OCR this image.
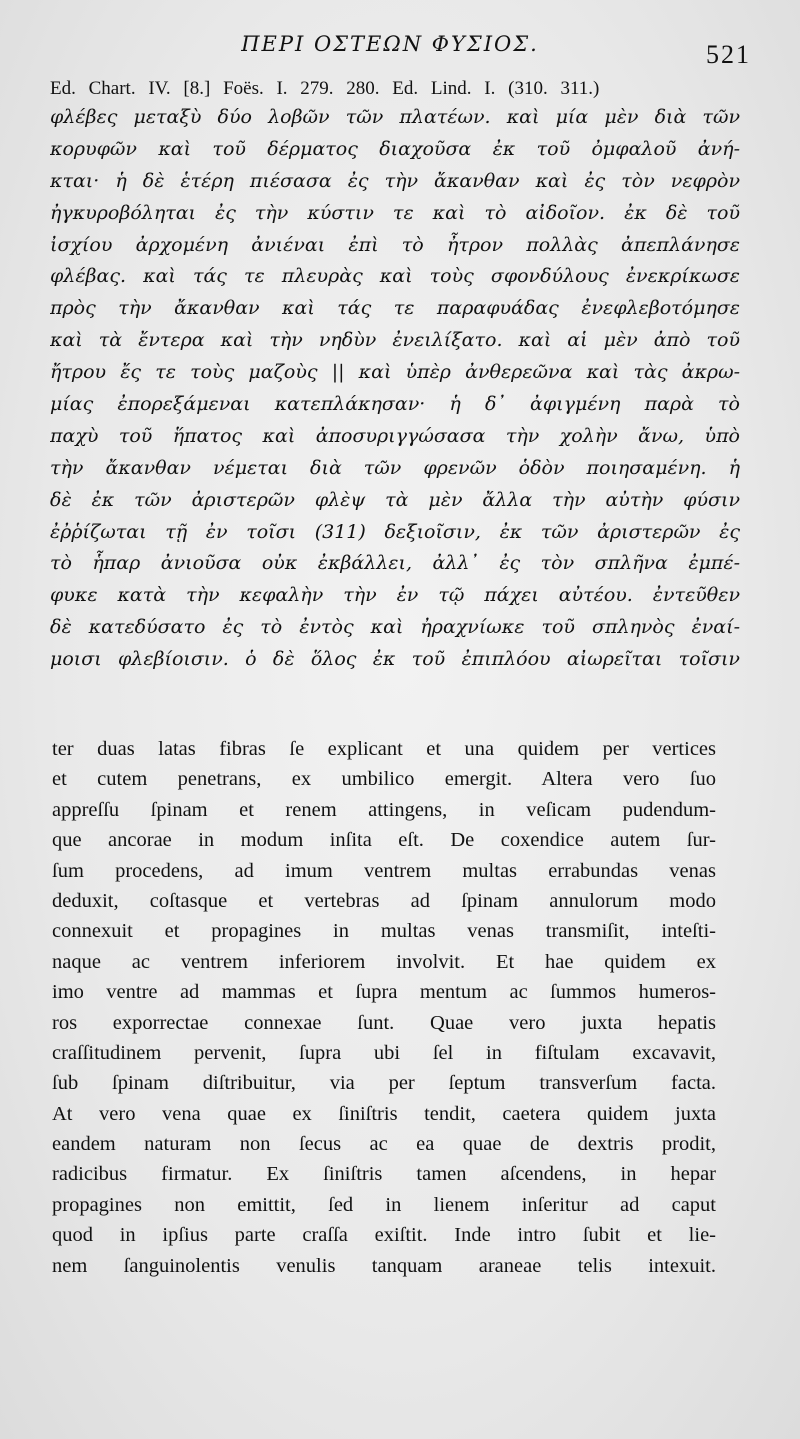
ΠΕΡΙ ΟΣΤΕΩΝ ΦΥΣΙΟΣ.	521
Ed. Chart. IV. [8.] Foës. I. 279. 280. Ed. Lind. I. (310. 311.)
φλέβες μεταξὺ δύο λοβῶν τῶν πλατέων. καὶ μία μὲν διὰ τῶν
κορυφῶν καὶ τοῦ δέρματος διαχοῦσα ἐκ τοῦ ὀμφαλοῦ ἀνή-
κται· ἡ δὲ ἑτέρη πιέσασα ἐς τὴν ἄκανθαν καὶ ἐς τὸν νεφρὸν
ἠγκυροβόληται ἐς τὴν κύστιν τε καὶ τὸ αἰδοῖον. ἐκ δὲ τοῦ
ἰσχίου ἀρχομένη ἀνιέναι ἐπὶ τὸ ἦτρον πολλὰς ἀπεπλάνησε
φλέβας. καὶ τάς τε πλευρὰς καὶ τοὺς σφονδύλους ἐνεκρίκωσε
πρὸς τὴν ἄκανθαν καὶ τάς τε παραφυάδας ἐνεφλεβοτόμησε
καὶ τὰ ἔντερα καὶ τὴν νηδὺν ἐνειλίξατο. καὶ αἱ μὲν ἀπὸ τοῦ
ἤτρου ἔς τε τοὺς μαζοὺς || καὶ ὑπὲρ ἀνθερεῶνα καὶ τὰς ἀκρω-
μίας ἐπορεξάμεναι κατεπλάκησαν· ἡ δ᾽ ἀφιγμένη παρὰ τὸ
παχὺ τοῦ ἥπατος καὶ ἀποσυριγγώσασα τὴν χολὴν ἄνω, ὑπὸ
τὴν ἄκανθαν νέμεται διὰ τῶν φρενῶν ὁδὸν ποιησαμένη. ἡ
δὲ ἐκ τῶν ἀριστερῶν φλὲψ τὰ μὲν ἄλλα τὴν αὐτὴν φύσιν
ἐῤῥίζωται τῇ ἐν τοῖσι (311) δεξιοῖσιν, ἐκ τῶν ἀριστερῶν ἐς
τὸ ἧπαρ ἀνιοῦσα οὐκ ἐκβάλλει, ἀλλ᾽ ἐς τὸν σπλῆνα ἐμπέ-
φυκε κατὰ τὴν κεφαλὴν τὴν ἐν τῷ πάχει αὐτέου. ἐντεῦθεν
δὲ κατεδύσατο ἐς τὸ ἐντὸς καὶ ἠραχνίωκε τοῦ σπληνὸς ἐναί-
μοισι φλεβίοισιν. ὁ δὲ ὅλος ἐκ τοῦ ἐπιπλόου αἰωρεῖται τοῖσιν
ter duas latas fibras ſe explicant et una quidem per vertices
et cutem penetrans, ex umbilico emergit. Altera vero ſuo
appreſſu ſpinam et renem attingens, in veſicam pudendum-
que ancorae in modum inſita eſt. De coxendice autem ſur-
ſum procedens, ad imum ventrem multas errabundas venas
deduxit, coſtasque et vertebras ad ſpinam annulorum modo
connexuit et propagines in multas venas transmiſit, inteſti-
naque ac ventrem inferiorem involvit. Et hae quidem ex
imo ventre ad mammas et ſupra mentum ac ſummos humeros-
ros exporrectae connexae ſunt. Quae vero juxta hepatis
craſſitudinem pervenit, ſupra ubi ſel in fiſtulam excavavit,
ſub ſpinam diſtribuitur, via per ſeptum transverſum facta.
At vero vena quae ex ſiniſtris tendit, caetera quidem juxta
eandem naturam non ſecus ac ea quae de dextris prodit,
radicibus firmatur. Ex ſiniſtris tamen aſcendens, in hepar
propagines non emittit, ſed in lienem inſeritur ad caput
quod in ipſius parte craſſa exiſtit. Inde intro ſubit et lie-
nem ſanguinolentis venulis tanquam araneae telis intexuit.
